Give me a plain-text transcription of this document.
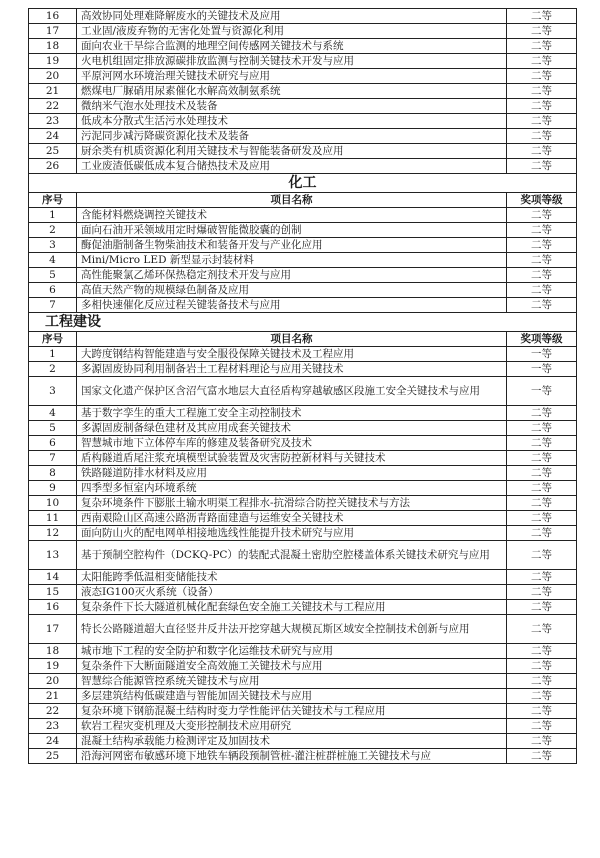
16	高效协同处理难降解废水的关键技术及应用	二等
17	工业固/液废弃物的无害化处置与资源化利用	二等
18	面向农业干旱综合监测的地理空间传感网关键技术与系统	二等
19	火电机组固定排放源碳排放监测与控制关键技术开发与应用	二等
20	平原河网水环境治理关键技术研究与应用	二等
21	燃煤电厂脲硝用尿素催化水解高效制氨系统	二等
22	微纳米气泡水处理技术及装备	二等
23	低成本分散式生活污水处理技术	二等
24	污泥同步减污降碳资源化技术及装备	二等
25	厨余类有机质资源化利用关键技术与智能装备研发及应用	二等
26	工业废渣低碳低成本复合储热技术及应用	二等
化工		
序号	项目名称	奖项等级
1	含能材料燃烧调控关键技术	二等
2	面向石油开采领域用定时爆破智能微胶囊的创制	二等
3	酶促油脂制备生物柴油技术和装备开发与产业化应用	二等
4	Mini/Micro LED 新型显示封装材料	二等
5	高性能聚氯乙烯环保热稳定剂技术开发与应用	二等
6	高值天然产物的规模绿色制备及应用	二等
7	多相快速催化反应过程关键装备技术与应用	二等
工程建设		
序号	项目名称	奖项等级
1	大跨度钢结构智能建造与安全服役保障关键技术及工程应用	一等
2	多源固废协同利用制备岩土工程材料理论与应用关键技术	一等
3	国家文化遗产保护区含沼气富水地层大直径盾构穿越敏感区段施工安全关键技术与应用	一等
4	基于数字孪生的重大工程施工安全主动控制技术	二等
5	多源固废制备绿色建材及其应用成套关键技术	二等
6	智慧城市地下立体停车库的修建及装备研究及技术	二等
7	盾构隧道盾尾注浆充填模型试验装置及灾害防控新材料与关键技术	二等
8	铁路隧道防排水材料及应用	二等
9	四季型多恒室内环境系统	二等
10	复杂环境条件下膨胀土输水明渠工程排水-抗滑综合防控关键技术与方法	二等
11	西南艰险山区高速公路沥青路面建造与运维安全关键技术	二等
12	面向防山火的配电网单相接地选线性能提升技术研究与应用	二等
13	基于预制空腔构件（DCKQ-PC）的装配式混凝土密肋空腔楼盖体系关键技术研究与应用	二等
14	太阳能跨季低温相变储能技术	二等
15	液态IG100灭火系统（设备）	二等
16	复杂条件下长大隧道机械化配套绿色安全施工关键技术与工程应用	二等
17	特长公路隧道超大直径竖井反井法开挖穿越大规模瓦斯区域安全控制技术创新与应用	二等
18	城市地下工程的安全防护和数字化运维技术研究与应用	二等
19	复杂条件下大断面隧道安全高效施工关键技术与应用	二等
20	智慧综合能源管控系统关键技术与应用	二等
21	多层建筑结构低碳建造与智能加固关键技术与应用	二等
22	复杂环境下钢筋混凝土结构时变力学性能评估关键技术与工程应用	二等
23	软岩工程灾变机理及大变形控制技术应用研究	二等
24	混凝土结构承载能力检测评定及加固技术	二等
25	沿海河网密布敏感环境下地铁车辆段预制管桩-灌注桩群桩施工关键技术与应	二等
